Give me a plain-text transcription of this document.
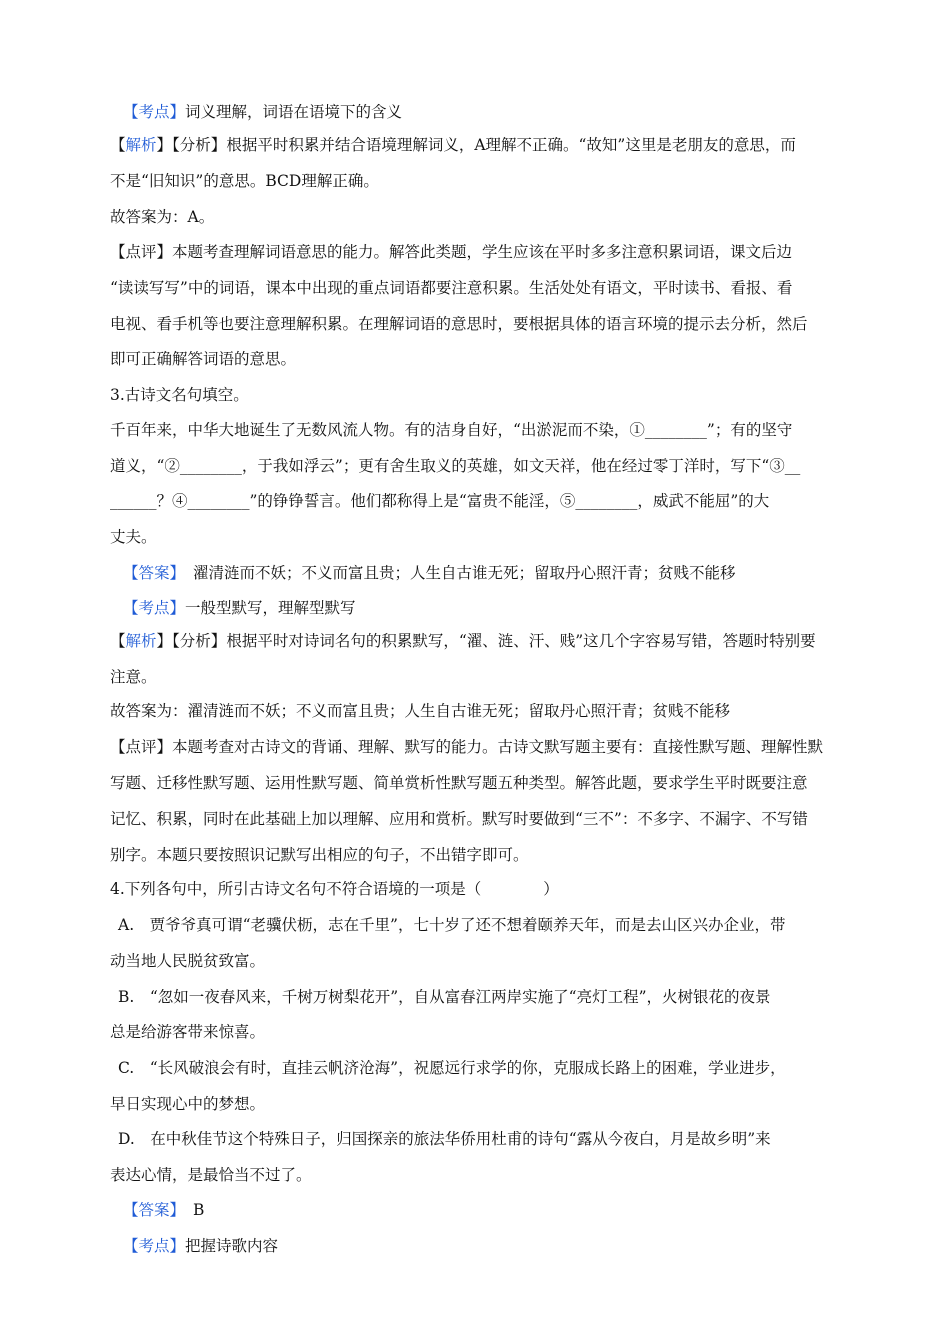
【考点】词义理解，词语在语境下的含义
【解析】【分析】根据平时积累并结合语境理解词义，A理解不正确。“故知”这里是老朋友的意思，而
不是“旧知识”的意思。BCD理解正确。
故答案为：A。
【点评】本题考查理解词语意思的能力。解答此类题，学生应该在平时多多注意积累词语，课文后边
“读读写写”中的词语，课本中出现的重点词语都要注意积累。生活处处有语文，平时读书、看报、看
电视、看手机等也要注意理解积累。在理解词语的意思时，要根据具体的语言环境的提示去分析，然后
即可正确解答词语的意思。
3.古诗文名句填空。
千百年来，中华大地诞生了无数风流人物。有的洁身自好，“出淤泥而不染，①________”；有的坚守
道义，“②________，于我如浮云”；更有舍生取义的英雄，如文天祥，他在经过零丁洋时，写下“③__
______？④________”的铮铮誓言。他们都称得上是“富贵不能淫，⑤________，威武不能屈”的大
丈夫。
【答案】 濯清涟而不妖；不义而富且贵；人生自古谁无死；留取丹心照汗青；贫贱不能移
【考点】一般型默写，理解型默写
【解析】【分析】根据平时对诗词名句的积累默写，“濯、涟、汗、贱”这几个字容易写错，答题时特别要
注意。
故答案为：濯清涟而不妖；不义而富且贵；人生自古谁无死；留取丹心照汗青；贫贱不能移
【点评】本题考查对古诗文的背诵、理解、默写的能力。古诗文默写题主要有：直接性默写题、理解性默
写题、迁移性默写题、运用性默写题、简单赏析性默写题五种类型。解答此题，要求学生平时既要注意
记忆、积累，同时在此基础上加以理解、应用和赏析。默写时要做到“三不”：不多字、不漏字、不写错
别字。本题只要按照识记默写出相应的句子，不出错字即可。
4.下列各句中，所引古诗文名句不符合语境的一项是（　　　　）
A.　贾爷爷真可谓“老骥伏枥，志在千里”，七十岁了还不想着颐养天年，而是去山区兴办企业，带
动当地人民脱贫致富。
B.　“忽如一夜春风来，千树万树梨花开”，自从富春江两岸实施了“亮灯工程”，火树银花的夜景
总是给游客带来惊喜。
C.　“长风破浪会有时，直挂云帆济沧海”，祝愿远行求学的你，克服成长路上的困难，学业进步，
早日实现心中的梦想。
D.　在中秋佳节这个特殊日子，归国探亲的旅法华侨用杜甫的诗句“露从今夜白，月是故乡明”来
表达心情，是最恰当不过了。
【答案】 B
【考点】把握诗歌内容
